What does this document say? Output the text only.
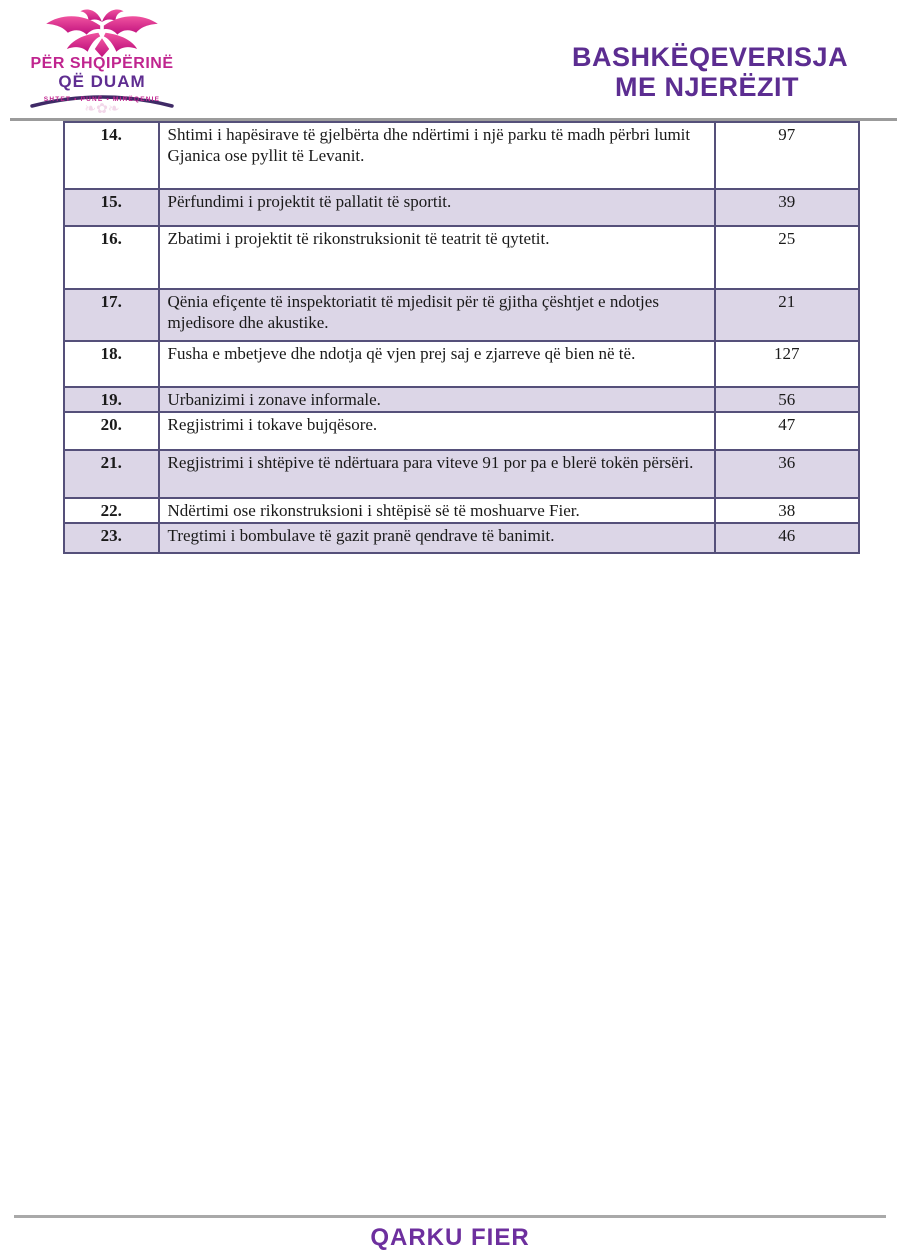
PËR SHQIPËRINË
QË DUAM
SHTET • PUNË • MIRËQENIE
❧✿❧
BASHKËQEVERISJA
ME NJERËZIT
14.	Shtimi i hapësirave të gjelbërta dhe ndërtimi i një parku të madh përbri lumit Gjanica ose pyllit të Levanit.	97
15.	Përfundimi i projektit të pallatit të sportit.	39
16.	Zbatimi i projektit të rikonstruksionit të teatrit të qytetit.	25
17.	Qënia efiçente të inspektoriatit të mjedisit për të gjitha çështjet e ndotjes mjedisore dhe akustike.	21
18.	Fusha e mbetjeve dhe ndotja që vjen prej saj e zjarreve që bien në të.	127
19.	Urbanizimi i zonave informale.	56
20.	Regjistrimi i tokave bujqësore.	47
21.	Regjistrimi i shtëpive të ndërtuara para viteve 91 por pa e blerë tokën përsëri.	36
22.	Ndërtimi ose rikonstruksioni i shtëpisë së të moshuarve Fier.	38
23.	Tregtimi i bombulave të gazit pranë qendrave të banimit.	46
QARKU FIER
